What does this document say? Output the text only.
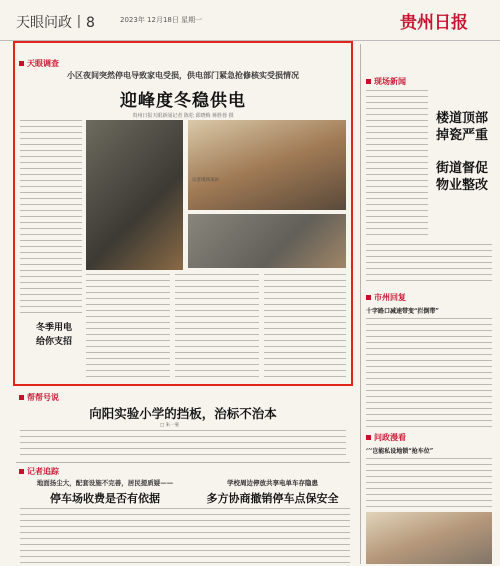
天眼问政丨8	2023年 12月18日 星期一	贵州日报
天眼调查
小区夜间突然停电导致家电受损，供电部门紧急抢修核实受损情况
迎峰度冬稳供电
贵州日报天眼新闻记者 陈松 邱晓梅 蒋胜蓉 摄
记者现场采访
冬季用电
给你支招
帮帮号说
向阳实验小学的挡板，治标不治本
□ 朱一豪
记者追踪
地面扬尘大，配套设施不完善，居民提质疑——
停车场收费是否有依据
学校周边停放共享电单车存隐患
多方协商撤销停车点保安全
现场新闻
楼道顶部掉瓷严重
街道督促物业整改
市州回复
十字路口减速带变“拦倒带”
问政漫看
‘’‘岂能私设地锁“抢车位”
